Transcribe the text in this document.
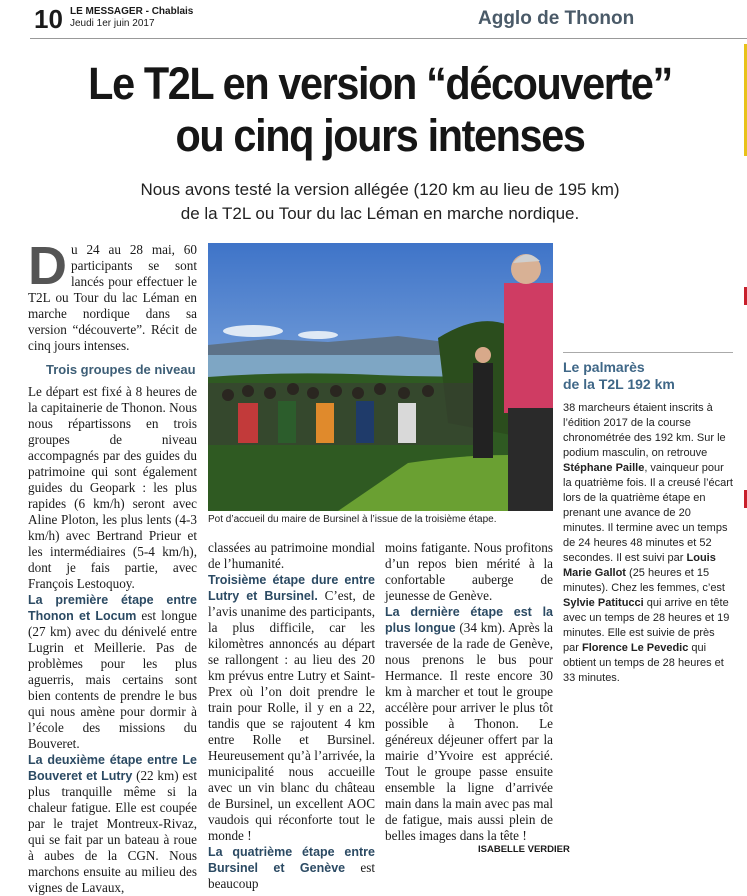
10 LE MESSAGER - Chablais
Jeudi 1er juin 2017	Agglo de Thonon
Le T2L en version “découverte”
ou cinq jours intenses
Nous avons testé la version allégée (120 km au lieu de 195 km)
de la T2L ou Tour du lac Léman en marche nordique.
D u 24 au 28 mai, 60 participants se sont lancés pour effectuer le T2L ou Tour du lac Léman en marche nordique dans sa version “découverte”. Récit de cinq jours intenses.

Trois groupes de niveau

Le départ est fixé à 8 heures de la capitainerie de Thonon. Nous nous répartissons en trois groupes de niveau accompagnés par des guides du patrimoine qui sont également guides du Geopark : les plus rapides (6 km/h) seront avec Aline Ploton, les plus lents (4-3 km/h) avec Bertrand Prieur et les intermédiaires (5-4 km/h), dont je fais partie, avec François Lestoquoy.

La première étape entre Thonon et Locum est longue (27 km) avec du dénivelé entre Lugrin et Meillerie. Pas de problèmes pour les plus aguerris, mais certains sont bien contents de prendre le bus qui nous amène pour dormir à l’école des missions du Bouveret.

La deuxième étape entre Le Bouveret et Lutry (22 km) est plus tranquille même si la chaleur fatigue. Elle est coupée par le trajet Montreux-Rivaz, qui se fait par un bateau à roue à aubes de la CGN. Nous marchons ensuite au milieu des vignes de Lavaux,

Pot d’accueil du maire de Bursinel à l’issue de la troisième étape.

classées au patrimoine mondial de l’humanité.

Troisième étape dure entre Lutry et Bursinel. C’est, de l’avis unanime des participants, la plus difficile, car les kilomètres annoncés au départ se rallongent : au lieu des 20 km prévus entre Lutry et Saint-Prex où l’on doit prendre le train pour Rolle, il y en a 22, tandis que se rajoutent 4 km entre Rolle et Bursinel. Heureusement qu’à l’arrivée, la municipalité nous accueille avec un vin blanc du château de Bursinel, un excellent AOC vaudois qui réconforte tout le monde !

La quatrième étape entre Bursinel et Genève est beaucoup

moins fatigante. Nous profitons d’un repos bien mérité à la confortable auberge de jeunesse de Genève.

La dernière étape est la plus longue (34 km). Après la traversée de la rade de Genève, nous prenons le bus pour Hermance. Il reste encore 30 km à marcher et tout le groupe accélère pour arriver le plus tôt possible à Thonon. Le généreux déjeuner offert par la mairie d’Yvoire est apprécié. Tout le groupe passe ensuite ensemble la ligne d’arrivée main dans la main avec pas mal de fatigue, mais aussi plein de belles images dans la tête !

ISABELLE VERDIER
Le palmarès
de la T2L 192 km
38 marcheurs étaient inscrits à l’édition 2017 de la course chronométrée des 192 km. Sur le podium masculin, on retrouve Stéphane Paille, vainqueur pour la quatrième fois. Il a creusé l’écart lors de la quatrième étape en prenant une avance de 20 minutes. Il termine avec un temps de 24 heures 48 minutes et 52 secondes. Il est suivi par Louis Marie Gallot (25 heures et 15 minutes). Chez les femmes, c’est Sylvie Patitucci qui arrive en tête avec un temps de 28 heures et 19 minutes. Elle est suivie de près par Florence Le Pevedic qui obtient un temps de 28 heures et 33 minutes.
